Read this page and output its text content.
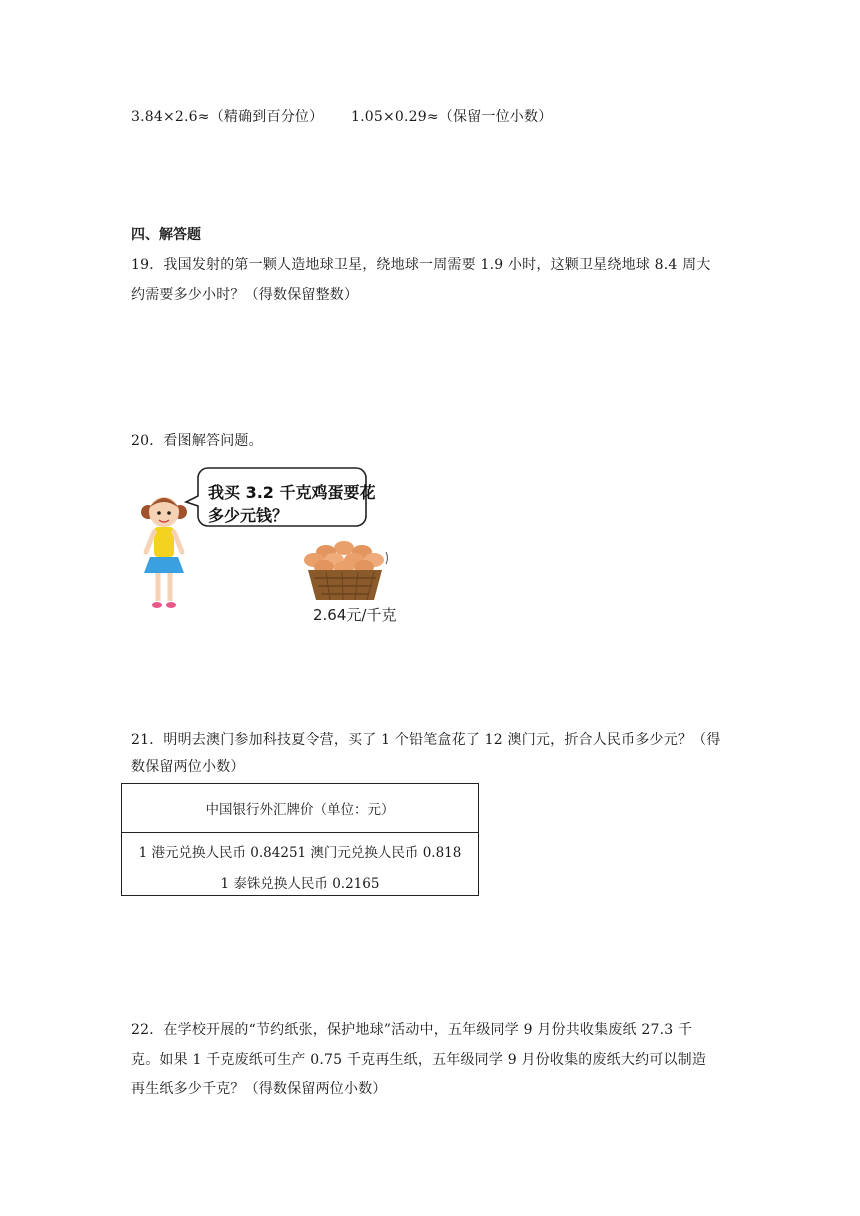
3.84×2.6≈（精确到百分位） 1.05×0.29≈（保留一位小数）
四、解答题
19．我国发射的第一颗人造地球卫星，绕地球一周需要 1.9 小时，这颗卫星绕地球 8.4 周大
约需要多少小时？（得数保留整数）
20．看图解答问题。
我买 3.2 千克鸡蛋要花
多少元钱？
2.64元/千克
21．明明去澳门参加科技夏令营，买了 1 个铅笔盒花了 12 澳门元，折合人民币多少元？（得
数保留两位小数）
中国银行外汇牌价（单位：元）
1 港元兑换人民币 0.84251 澳门元兑换人民币 0.818
1 泰铢兑换人民币 0.2165
22．在学校开展的“节约纸张，保护地球”活动中，五年级同学 9 月份共收集废纸 27.3 千
克。如果 1 千克废纸可生产 0.75 千克再生纸，五年级同学 9 月份收集的废纸大约可以制造
再生纸多少千克？（得数保留两位小数）
